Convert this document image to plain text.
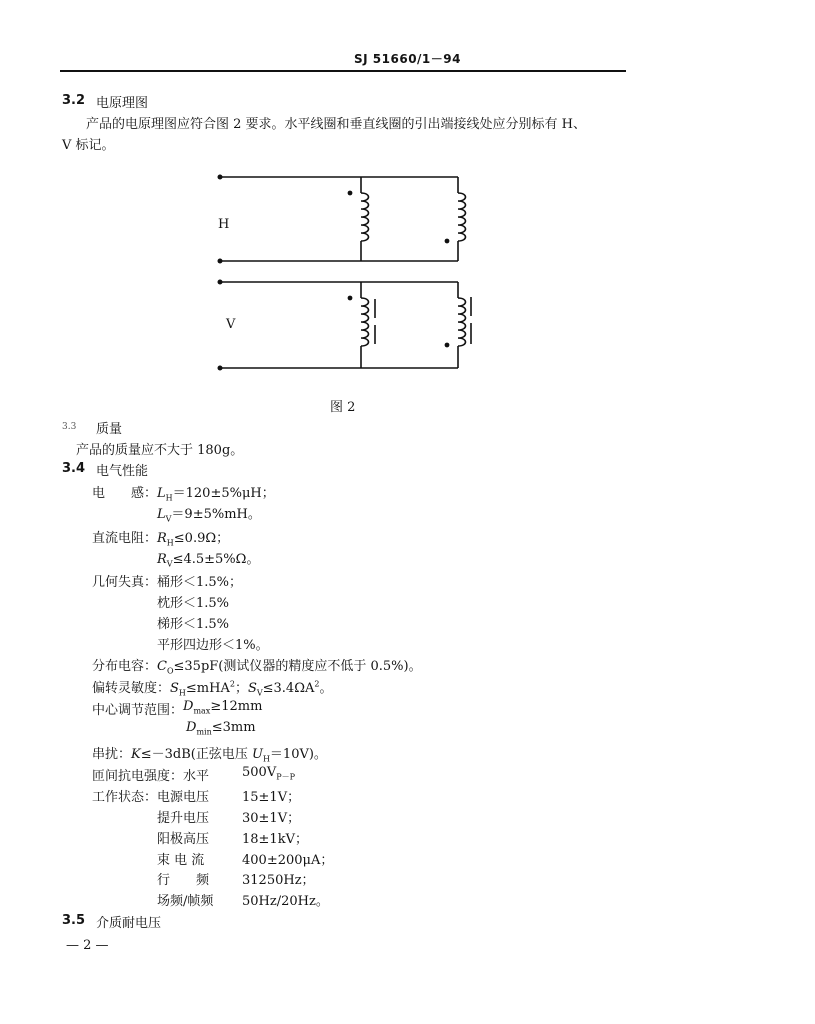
SJ 51660/1－94
3.2 电原理图
产品的电原理图应符合图 2 要求。水平线圈和垂直线圈的引出端接线处应分别标有 H、
V 标记。
H
V
图 2
3.3 质量
产品的质量应不大于 180g。
3.4 电气性能
电　　感： $L_H=120\pm 5\%\mu H$；
$L_V=9\pm 5\%mH$。
直流电阻： $R_H\le 0.9\Omega$；
$R_V\le 4.5\pm 5\%\Omega$。
几何失真： 桶形＜1.5%；
枕形＜1.5%
梯形＜1.5%
平形四边形＜1%。
分布电容： $C_O\le 35pF$(测试仪器的精度应不低于 0.5%)。
偏转灵敏度： $S_H\le mHA^2$；$S_V\le 3.4\Omega A^2$。
中心调节范围： $D_{max}\ge 12mm$
$D_{min}\le 3mm$
串扰： K≤－3dB(正弦电压 $U_H=10V$)。
匝间抗电强度：水平	$500V_{P-P}$
工作状态：电源电压	15±1V；
提升电压	30±1V；
阳极高压	18±1kV；
束 电 流	400±200μA；
行　　频	31250Hz；
场频/帧频 50Hz/20Hz。
3.5 介质耐电压
— 2 —
